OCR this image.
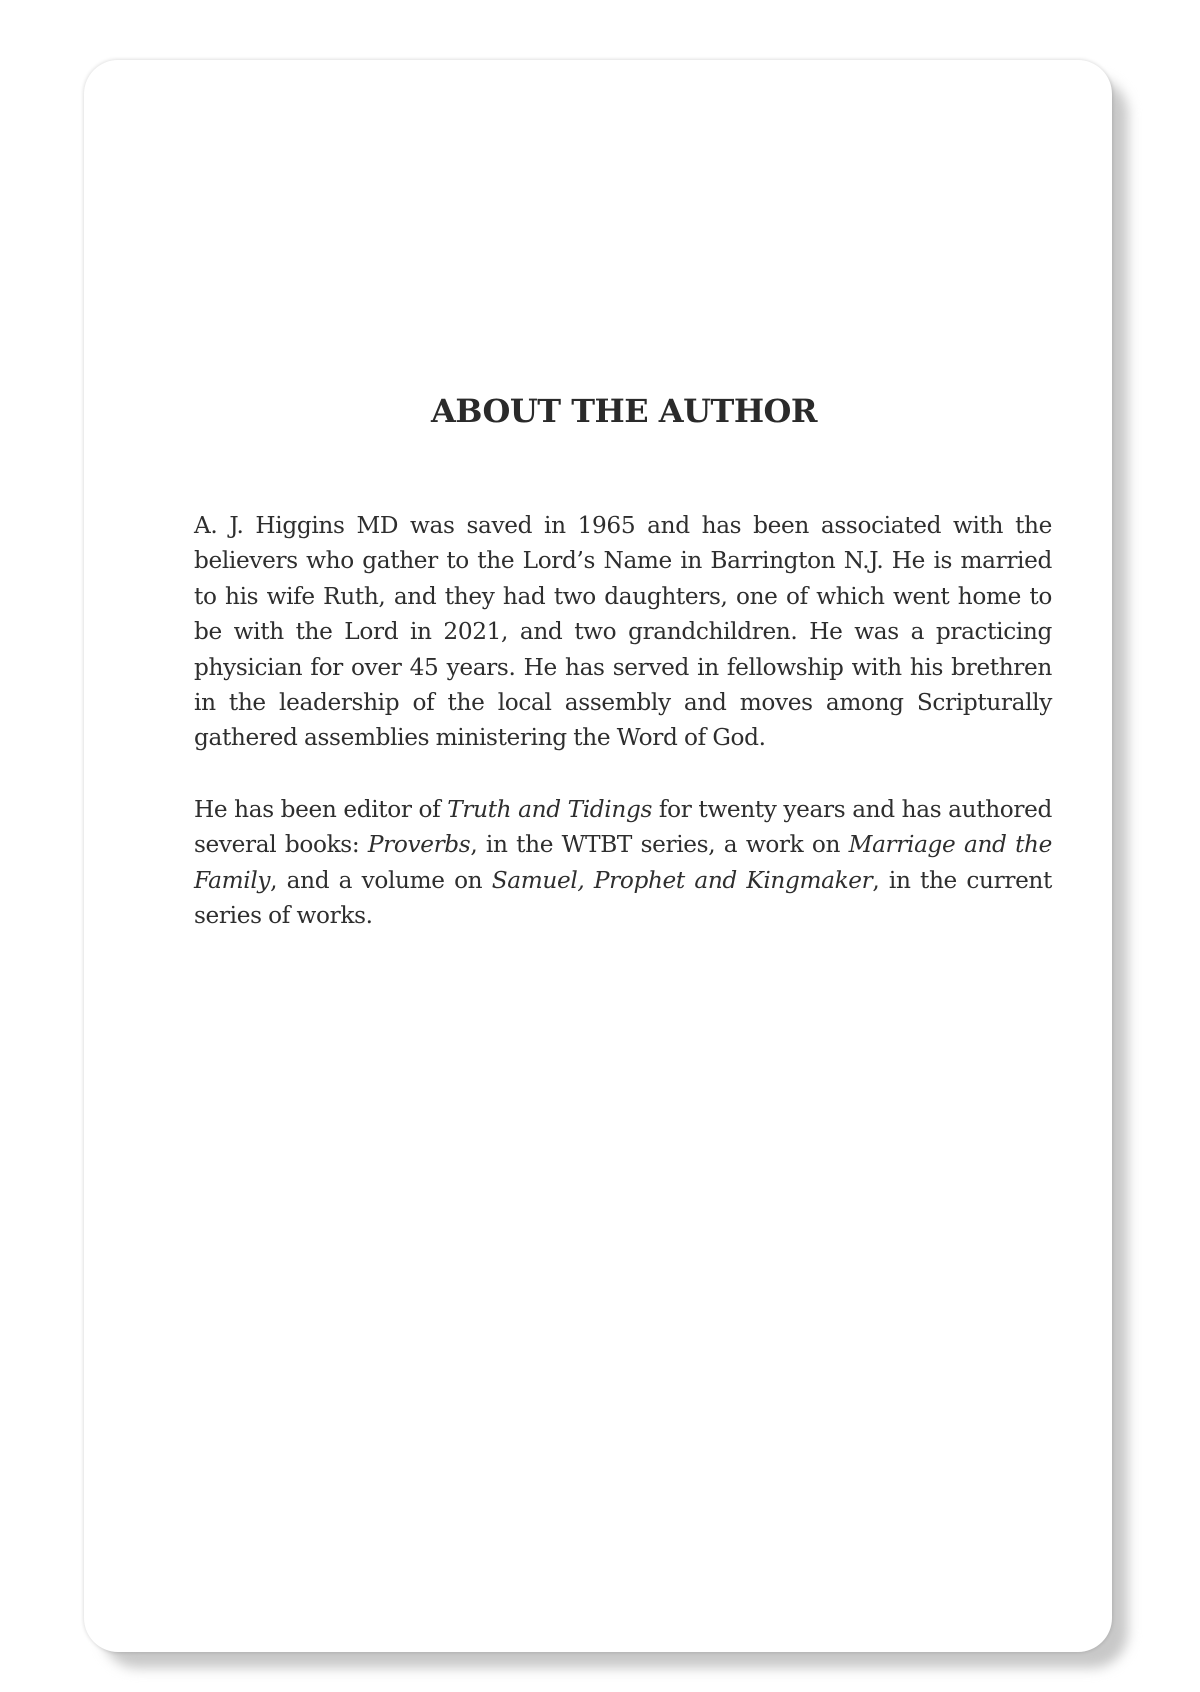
ABOUT THE AUTHOR

A. J. Higgins MD was saved in 1965 and has been associated with the believers who gather to the Lord’s Name in Barrington N.J. He is married to his wife Ruth, and they had two daughters, one of which went home to be with the Lord in 2021, and two grandchildren. He was a practicing physician for over 45 years. He has served in fellowship with his brethren in the leadership of the local assembly and moves among Scripturally gathered assemblies ministering the Word of God.

He has been editor of Truth and Tidings for twenty years and has authored several books: Proverbs, in the WTBT series, a work on Marriage and the Family, and a volume on Samuel, Prophet and Kingmaker, in the current series of works.
